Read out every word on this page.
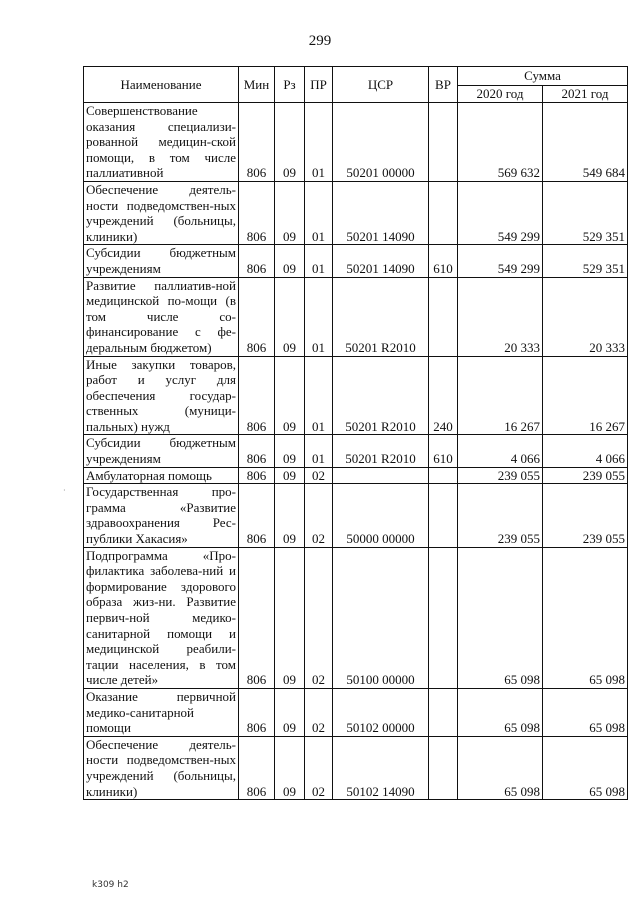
299
Наименование	Мин	Рз	ПР	ЦСР	ВР	Сумма	
						2020 год	2021 год
Совершенствование оказания специализи-рованной медицин-ской помощи, в том числе паллиативной	806	09	01	50201 00000		569 632	549 684
Обеспечение деятель-ности подведомствен-ных учреждений (больницы, клиники)	806	09	01	50201 14090		549 299	529 351
Субсидии бюджетным учреждениям	806	09	01	50201 14090	610	549 299	529 351
Развитие паллиатив-ной медицинской по-мощи (в том числе со-финансирование с фе-деральным бюджетом)	806	09	01	50201 R2010		20 333	20 333
Иные закупки товаров, работ и услуг для обеспечения государ-ственных (муници-пальных) нужд	806	09	01	50201 R2010	240	16 267	16 267
Субсидии бюджетным учреждениям	806	09	01	50201 R2010	610	4 066	4 066
Амбулаторная помощь	806	09	02			239 055	239 055
Государственная про-грамма «Развитие здравоохранения Рес-публики Хакасия»	806	09	02	50000 00000		239 055	239 055
Подпрограмма «Про-филактика заболева-ний и формирование здорового образа жиз-ни. Развитие первич-ной медико-санитарной помощи и медицинской реабили-тации населения, в том числе детей»	806	09	02	50100 00000		65 098	65 098
Оказание первичной медико-санитарной помощи	806	09	02	50102 00000		65 098	65 098
Обеспечение деятель-ности подведомствен-ных учреждений (больницы, клиники)	806	09	02	50102 14090		65 098	65 098
·
k309 h2
